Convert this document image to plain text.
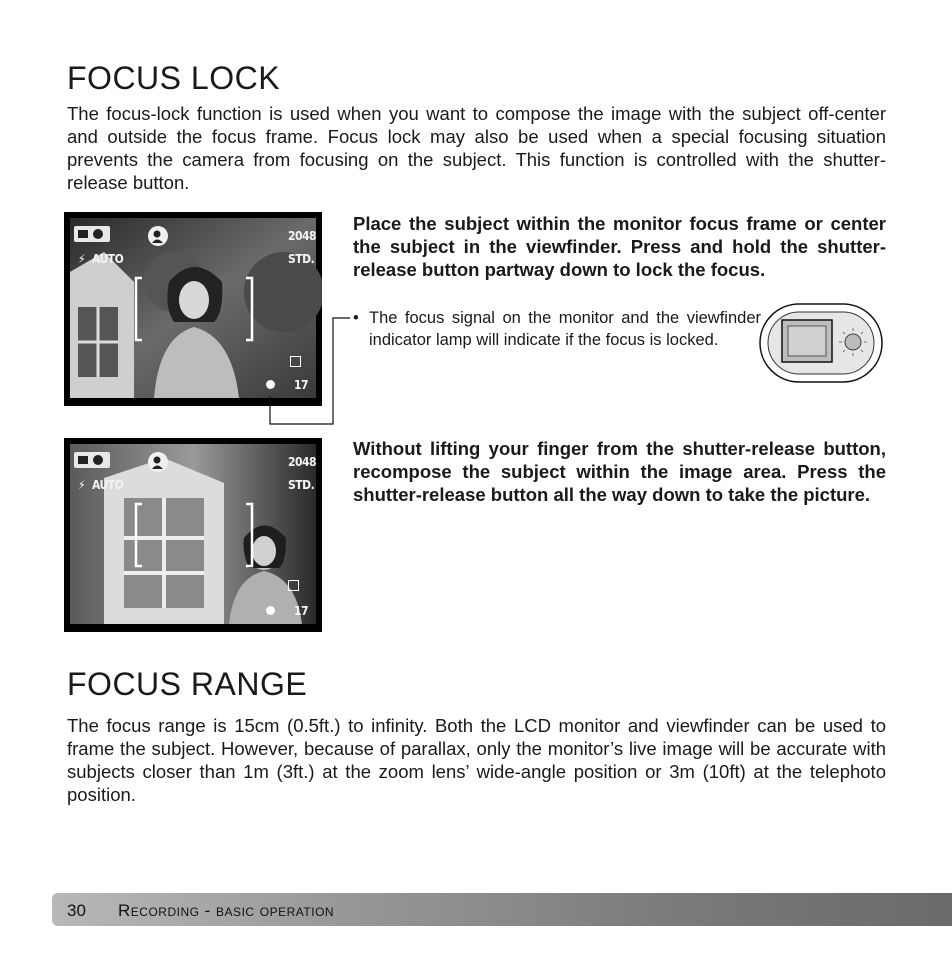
FOCUS LOCK

The focus-lock function is used when you want to compose the image with the subject off-center and outside the focus frame. Focus lock may also be used when a special focusing situation prevents the camera from focusing on the subject. This function is controlled with the shutter-release button.

⚡ AUTO
2048
STD.
17

Place the subject within the monitor focus frame or center the subject in the viewfinder. Press and hold the shutter-release button partway down to lock the focus.

• The focus signal on the monitor and the viewfinder indicator lamp will indicate if the focus is locked.
⚡ AUTO
2048
STD.
17

Without lifting your finger from the shutter-release button, recompose the subject within the image area. Press the shutter-release button all the way down to take the picture.

FOCUS RANGE

The focus range is 15cm (0.5ft.) to infinity. Both the LCD monitor and viewfinder can be used to frame the subject. However, because of parallax, only the monitor’s live image will be accurate with subjects closer than 1m (3ft.) at the zoom lens’ wide-angle position or 3m (10ft) at the telephoto position.

30 Recording - basic operation
